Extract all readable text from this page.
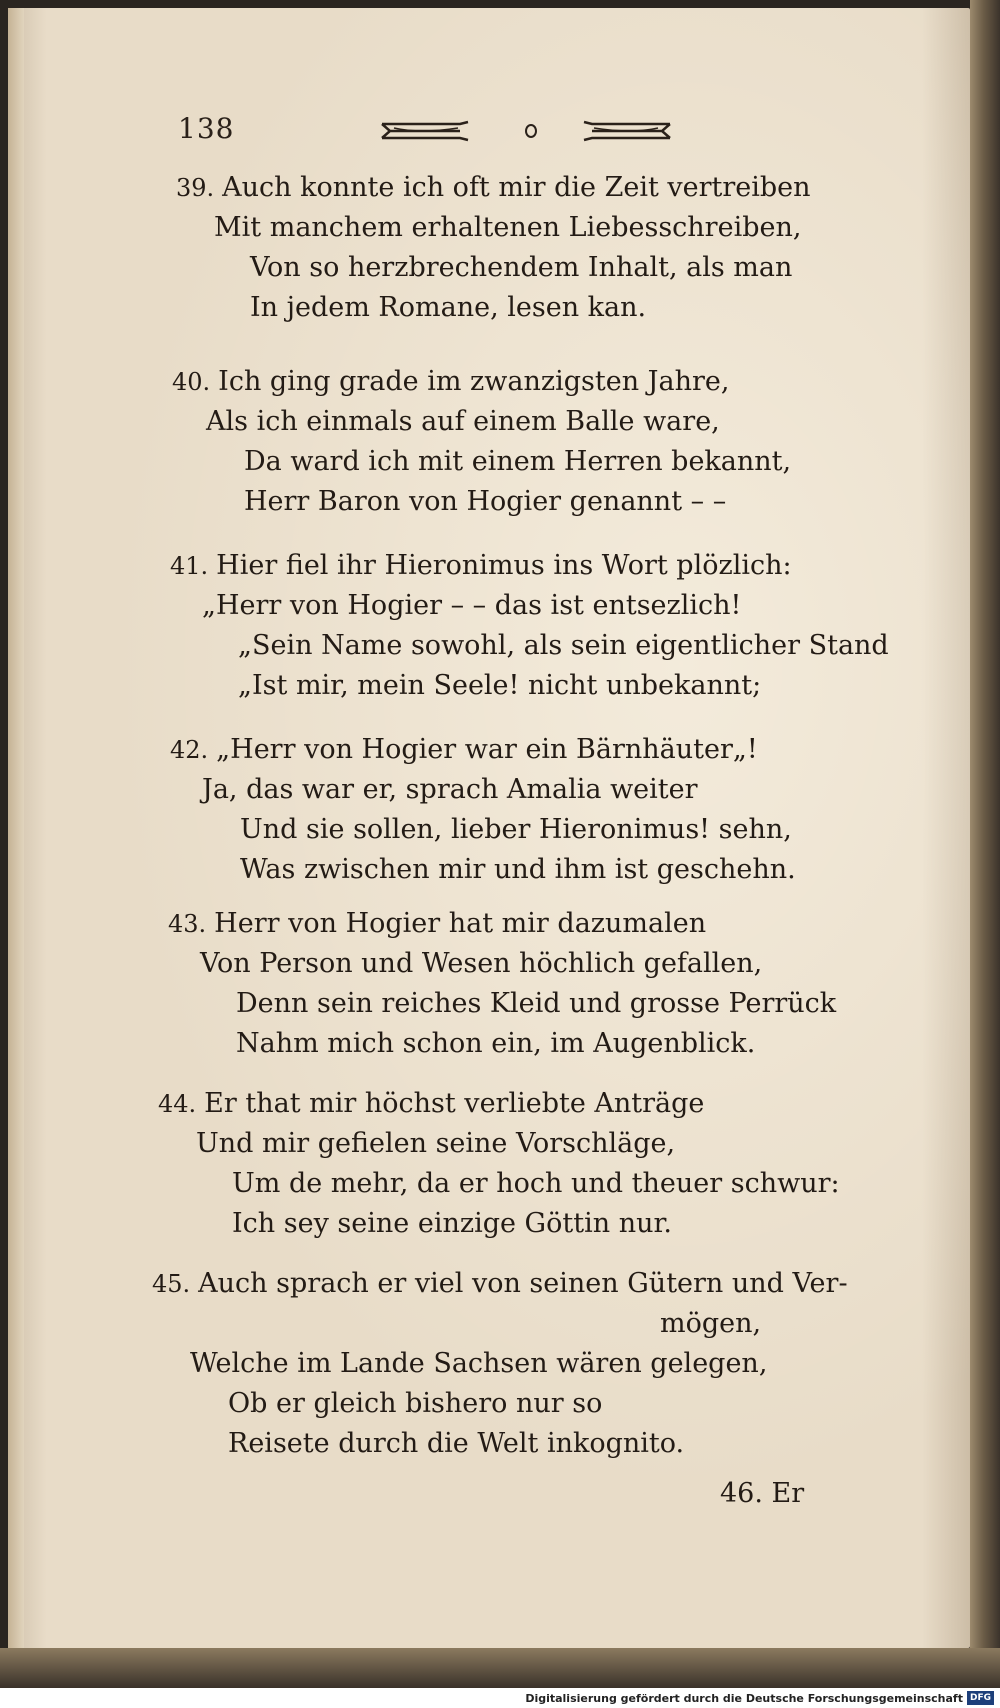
138
39. Auch konnte ich oft mir die Zeit vertreiben
Mit manchem erhaltenen Liebesschreiben,
Von so herzbrechendem Inhalt, als man
In jedem Romane, lesen kan.
40. Ich ging grade im zwanzigsten Jahre,
Als ich einmals auf einem Balle ware,
Da ward ich mit einem Herren bekannt,
Herr Baron von Hogier genannt – –
41. Hier fiel ihr Hieronimus ins Wort plözlich:
„Herr von Hogier – – das ist entsezlich!
„Sein Name sowohl, als sein eigentlicher Stand
„Ist mir, mein Seele! nicht unbekannt;
42. „Herr von Hogier war ein Bärnhäuter„!
Ja, das war er, sprach Amalia weiter
Und sie sollen, lieber Hieronimus! sehn,
Was zwischen mir und ihm ist geschehn.
43. Herr von Hogier hat mir dazumalen
Von Person und Wesen höchlich gefallen,
Denn sein reiches Kleid und grosse Perrück
Nahm mich schon ein, im Augenblick.
44. Er that mir höchst verliebte Anträge
Und mir gefielen seine Vorschläge,
Um de mehr, da er hoch und theuer schwur:
Ich sey seine einzige Göttin nur.
45. Auch sprach er viel von seinen Gütern und Ver-
mögen,
Welche im Lande Sachsen wären gelegen,
Ob er gleich bishero nur so
Reisete durch die Welt inkognito.
46. Er
Digitalisierung gefördert durch die Deutsche Forschungsgemeinschaft DFG
